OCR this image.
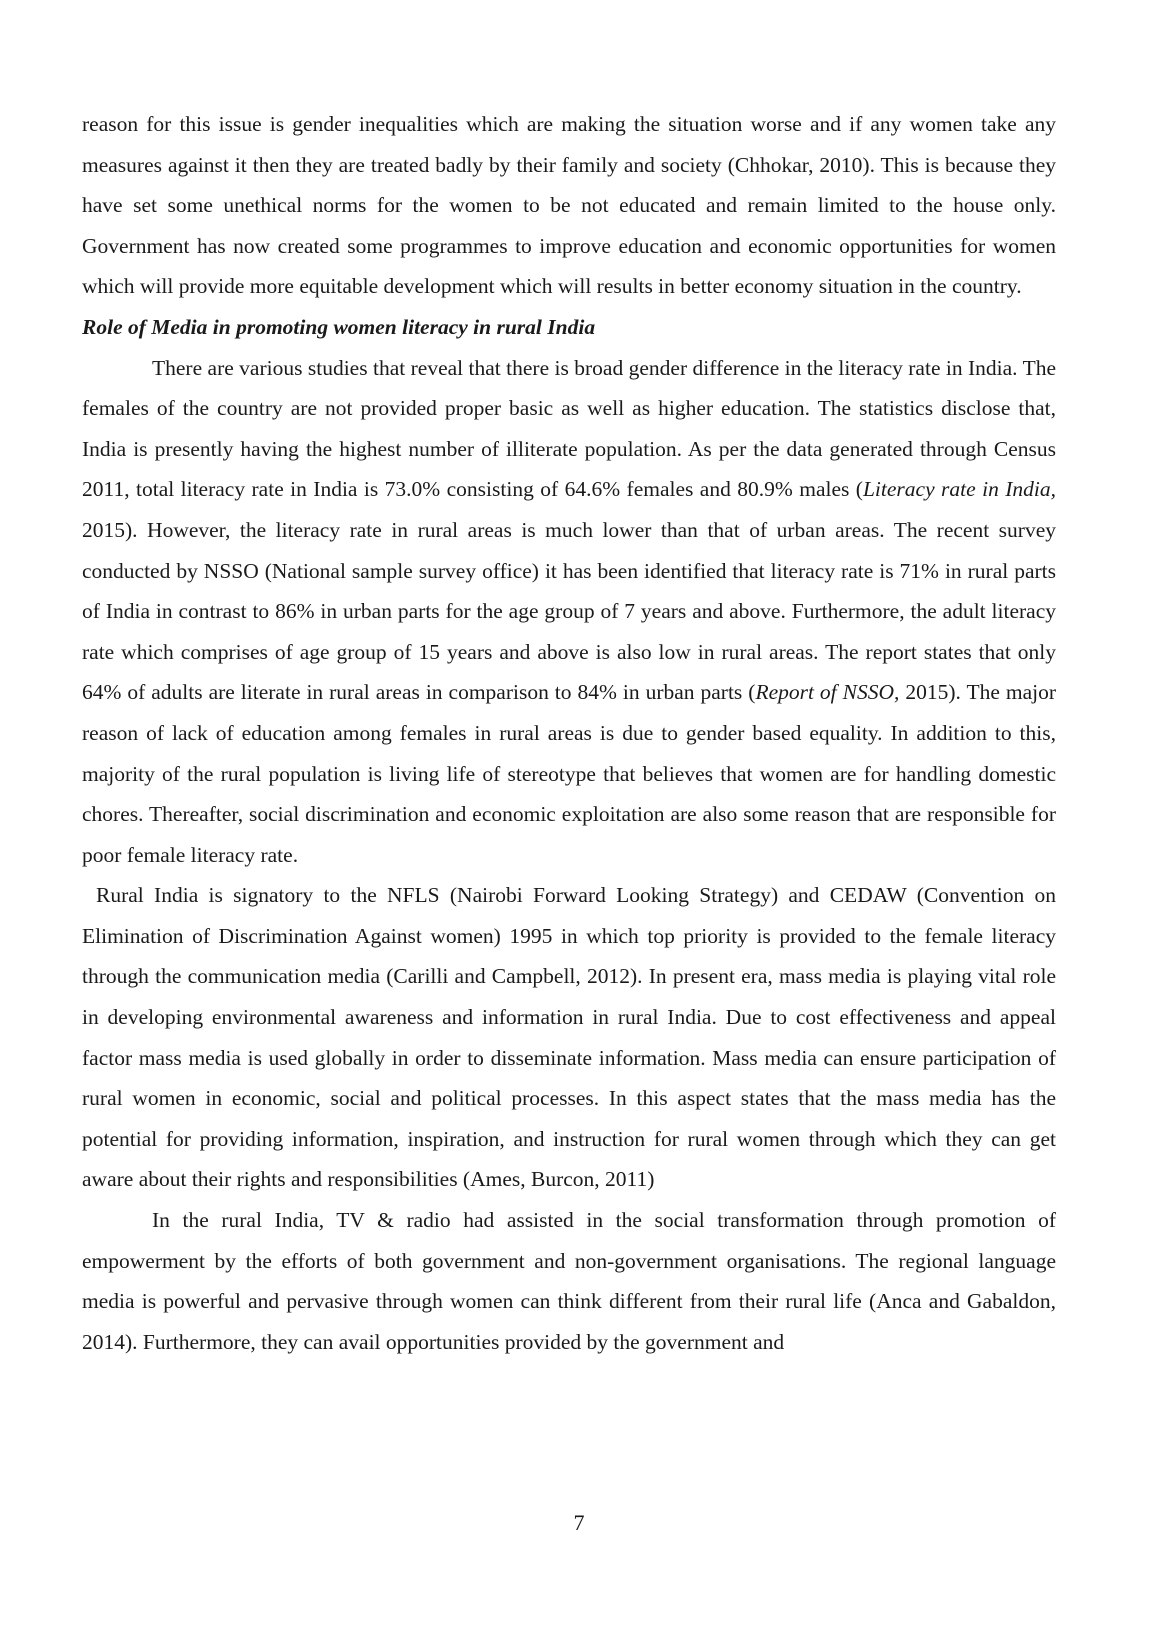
reason for this issue is gender inequalities which are making the situation worse and if any women take any measures against it then they are treated badly by their family and society (Chhokar, 2010). This is because they have set some unethical norms for the women to be not educated and remain limited to the house only. Government has now created some programmes to improve education and economic opportunities for women which will provide more equitable development which will results in better economy situation in the country.

Role of Media in promoting women literacy in rural India

There are various studies that reveal that there is broad gender difference in the literacy rate in India. The females of the country are not provided proper basic as well as higher education. The statistics disclose that, India is presently having the highest number of illiterate population. As per the data generated through Census 2011, total literacy rate in India is 73.0% consisting of 64.6% females and 80.9% males (Literacy rate in India, 2015). However, the literacy rate in rural areas is much lower than that of urban areas. The recent survey conducted by NSSO (National sample survey office) it has been identified that literacy rate is 71% in rural parts of India in contrast to 86% in urban parts for the age group of 7 years and above. Furthermore, the adult literacy rate which comprises of age group of 15 years and above is also low in rural areas. The report states that only 64% of adults are literate in rural areas in comparison to 84% in urban parts (Report of NSSO, 2015). The major reason of lack of education among females in rural areas is due to gender based equality. In addition to this, majority of the rural population is living life of stereotype that believes that women are for handling domestic chores. Thereafter, social discrimination and economic exploitation are also some reason that are responsible for poor female literacy rate.

Rural India is signatory to the NFLS (Nairobi Forward Looking Strategy) and CEDAW (Convention on Elimination of Discrimination Against women) 1995 in which top priority is provided to the female literacy through the communication media (Carilli and Campbell, 2012). In present era, mass media is playing vital role in developing environmental awareness and information in rural India. Due to cost effectiveness and appeal factor mass media is used globally in order to disseminate information. Mass media can ensure participation of rural women in economic, social and political processes. In this aspect states that the mass media has the potential for providing information, inspiration, and instruction for rural women through which they can get aware about their rights and responsibilities (Ames, Burcon, 2011)

In the rural India, TV & radio had assisted in the social transformation through promotion of empowerment by the efforts of both government and non-government organisations. The regional language media is powerful and pervasive through women can think different from their rural life (Anca and Gabaldon, 2014). Furthermore, they can avail opportunities provided by the government and

7
